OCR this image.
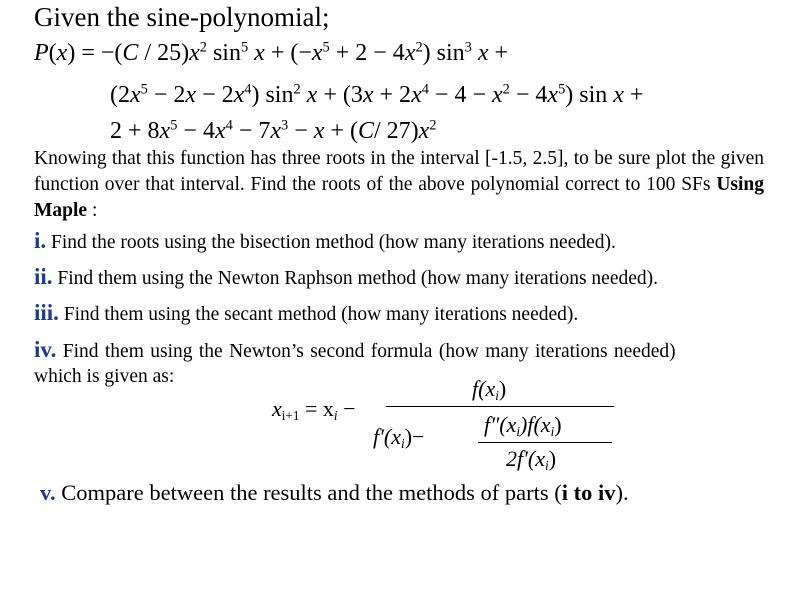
Given the sine-polynomial;
$P(x) = -(C / 25)x^2$ $\sin^5 x + (-x^5 + 2 - 4x^2)$ $\sin^3 x$ +
$(2x^5 - 2x - 2x^4)$ $\sin^2 x + (3x + 2x^4 - 4 - x^2 - 4x^5)$ sin x +
$2 + 8x^5 - 4x^4 - 7x^3 - x + (C/$ $27)x^2$
Knowing that this function has three roots in the interval [-1.5, 2.5], to be sure plot the given function over that interval. Find the roots of the above polynomial correct to 100 SFs Using Maple :
i. Find the roots using the bisection method (how many iterations needed).
ii. Find them using the Newton Raphson method (how many iterations needed).
iii. Find them using the secant method (how many iterations needed).
iv. Find them using the Newton’s second formula (how many iterations needed)
which is given as:
$x_{i+1} = x_i$ −
$f(x_i)$
$f'(x_i)-$	$f''(x_i)f(x_i)$
$2f'(x_i)$
v. Compare between the results and the methods of parts (i to iv).
